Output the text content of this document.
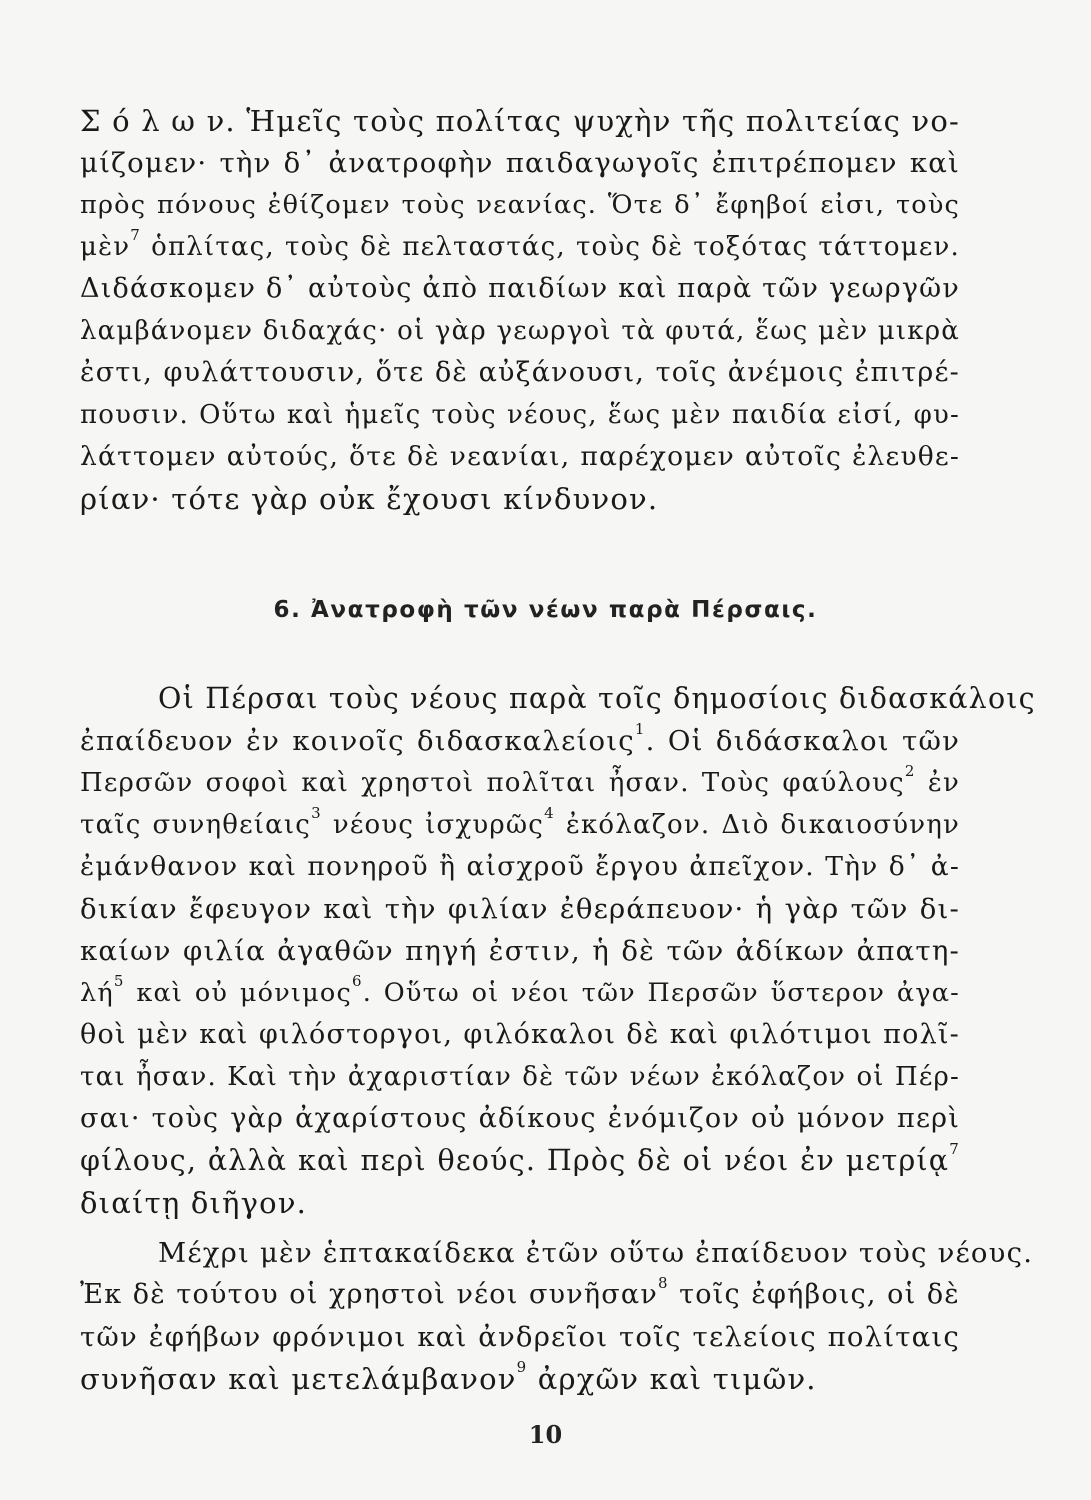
Σ ό λ ω ν. Ἡμεῖς τοὺς πολίτας ψυχὴν τῆς πολιτείας νο-
μίζομεν· τὴν δ᾽ ἀνατροφὴν παιδαγωγοῖς ἐπιτρέπομεν καὶ
πρὸς πόνους ἐθίζομεν τοὺς νεανίας. Ὅτε δ᾽ ἔφηβοί εἰσι, τοὺς
μὲν$^7$ ὁπλίτας, τοὺς δὲ πελταστάς, τοὺς δὲ τοξότας τάττομεν.
Διδάσκομεν δ᾽ αὐτοὺς ἀπὸ παιδίων καὶ παρὰ τῶν γεωργῶν
λαμβάνομεν διδαχάς· οἱ γὰρ γεωργοὶ τὰ φυτά, ἕως μὲν μικρὰ
ἐστι, φυλάττουσιν, ὅτε δὲ αὐξάνουσι, τοῖς ἀνέμοις ἐπιτρέ-
πουσιν. Οὕτω καὶ ἡμεῖς τοὺς νέους, ἕως μὲν παιδία εἰσί, φυ-
λάττομεν αὐτούς, ὅτε δὲ νεανίαι, παρέχομεν αὐτοῖς ἐλευθε-
ρίαν· τότε γὰρ οὐκ ἔχουσι κίνδυνον.
6. Ἀνατροφὴ τῶν νέων παρὰ Πέρσαις.
Οἱ Πέρσαι τοὺς νέους παρὰ τοῖς δημοσίοις διδασκάλοις
ἐπαίδευον ἐν κοινοῖς διδασκαλείοις$^1$. Οἱ διδάσκαλοι τῶν
Περσῶν σοφοὶ καὶ χρηστοὶ πολῖται ἦσαν. Τοὺς φαύλους$^2$ ἐν
ταῖς συνηθείαις$^3$ νέους ἰσχυρῶς$^4$ ἐκόλαζον. Διὸ δικαιοσύνην
ἐμάνθανον καὶ πονηροῦ ἢ αἰσχροῦ ἔργου ἀπεῖχον. Τὴν δ᾽ ἀ-
δικίαν ἔφευγον καὶ τὴν φιλίαν ἐθεράπευον· ἡ γὰρ τῶν δι-
καίων φιλία ἀγαθῶν πηγή ἐστιν, ἡ δὲ τῶν ἀδίκων ἀπατη-
λή$^5$ καὶ οὐ μόνιμος$^6$. Οὕτω οἱ νέοι τῶν Περσῶν ὕστερον ἀγα-
θοὶ μὲν καὶ φιλόστοργοι, φιλόκαλοι δὲ καὶ φιλότιμοι πολῖ-
ται ἦσαν. Καὶ τὴν ἀχαριστίαν δὲ τῶν νέων ἐκόλαζον οἱ Πέρ-
σαι· τοὺς γὰρ ἀχαρίστους ἀδίκους ἐνόμιζον οὐ μόνον περὶ
φίλους, ἀλλὰ καὶ περὶ θεούς. Πρὸς δὲ οἱ νέοι ἐν μετρίᾳ$^7$
διαίτῃ διῆγον.
Μέχρι μὲν ἑπτακαίδεκα ἐτῶν οὕτω ἐπαίδευον τοὺς νέους.
Ἐκ δὲ τούτου οἱ χρηστοὶ νέοι συνῆσαν$^8$ τοῖς ἐφήβοις, οἱ δὲ
τῶν ἐφήβων φρόνιμοι καὶ ἀνδρεῖοι τοῖς τελείοις πολίταις
συνῆσαν καὶ μετελάμβανον$^9$ ἀρχῶν καὶ τιμῶν.
10
